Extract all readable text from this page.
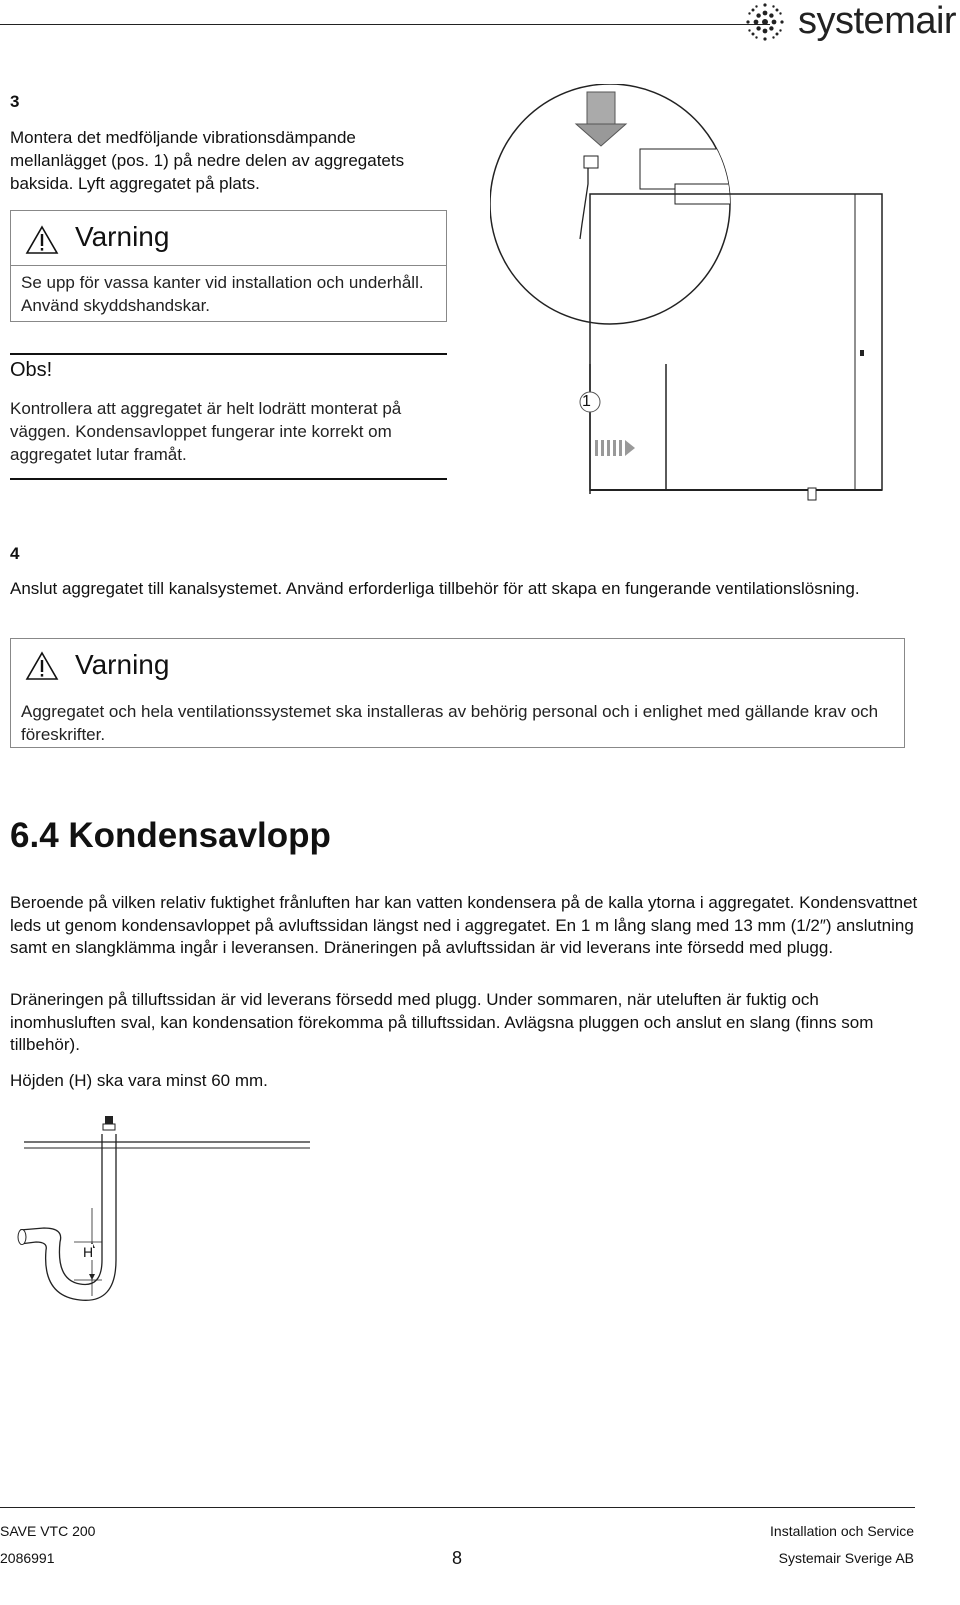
systemair
3
Montera det medföljande vibrationsdämpande mellanlägget (pos. 1) på nedre delen av aggregatets baksida. Lyft aggregatet på plats.
Varning
Se upp för vassa kanter vid installation och underhåll. Använd skyddshandskar.
Obs!
Kontrollera att aggregatet är helt lodrätt monterat på väggen. Kondensavloppet fungerar inte korrekt om aggregatet lutar framåt.
1
4
Anslut aggregatet till kanalsystemet. Använd erforderliga tillbehör för att skapa en fungerande ventilationslösning.
Varning
Aggregatet och hela ventilationssystemet ska installeras av behörig personal och i enlighet med gällande krav och föreskrifter.
6.4 Kondensavlopp

Beroende på vilken relativ fuktighet frånluften har kan vatten kondensera på de kalla ytorna i aggregatet. Kondensvattnet leds ut genom kondensavloppet på avluftssidan längst ned i aggregatet. En 1 m lång slang med 13 mm (1/2″) anslutning samt en slangklämma ingår i leveransen. Dräneringen på avluftssidan är vid leverans inte försedd med plugg.

Dräneringen på tilluftssidan är vid leverans försedd med plugg. Under sommaren, när uteluften är fuktig och inomhusluften sval, kan kondensation förekomma på tilluftssidan. Avlägsna pluggen och anslut en slang (finns som tillbehör).

Höjden (H) ska vara minst 60 mm.

H
SAVE VTC 200
2086991	8
Installation och Service
Systemair Sverige AB
